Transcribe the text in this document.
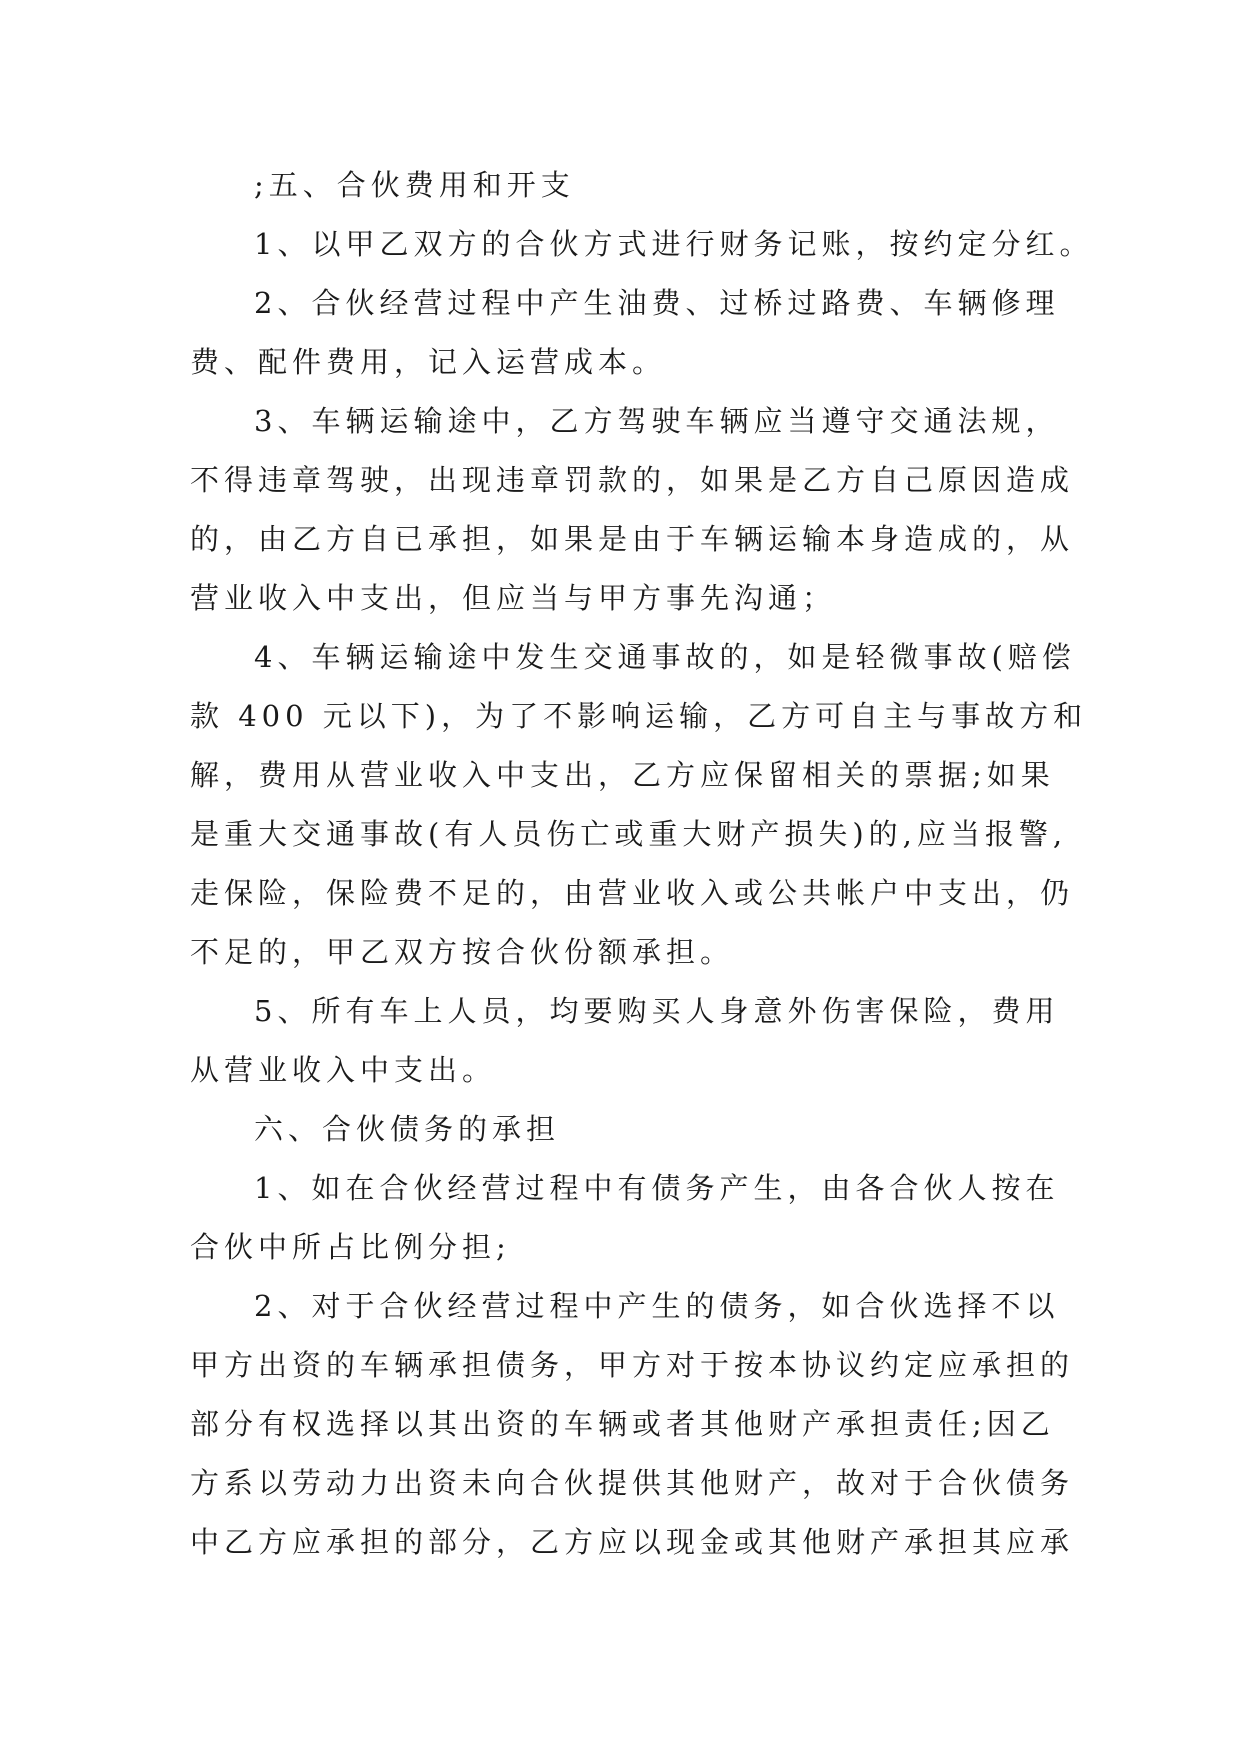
;五、合伙费用和开支
1、以甲乙双方的合伙方式进行财务记账，按约定分红。
2、合伙经营过程中产生油费、过桥过路费、车辆修理
费、配件费用，记入运营成本。
3、车辆运输途中，乙方驾驶车辆应当遵守交通法规，
不得违章驾驶，出现违章罚款的，如果是乙方自己原因造成
的，由乙方自已承担，如果是由于车辆运输本身造成的，从
营业收入中支出，但应当与甲方事先沟通；
4、车辆运输途中发生交通事故的，如是轻微事故(赔偿
款 400 元以下)，为了不影响运输，乙方可自主与事故方和
解，费用从营业收入中支出，乙方应保留相关的票据;如果
是重大交通事故(有人员伤亡或重大财产损失)的,应当报警,
走保险，保险费不足的，由营业收入或公共帐户中支出，仍
不足的，甲乙双方按合伙份额承担。
5、所有车上人员，均要购买人身意外伤害保险，费用
从营业收入中支出。
六、合伙债务的承担
1、如在合伙经营过程中有债务产生，由各合伙人按在
合伙中所占比例分担;
2、对于合伙经营过程中产生的债务，如合伙选择不以
甲方出资的车辆承担债务，甲方对于按本协议约定应承担的
部分有权选择以其出资的车辆或者其他财产承担责任;因乙
方系以劳动力出资未向合伙提供其他财产，故对于合伙债务
中乙方应承担的部分，乙方应以现金或其他财产承担其应承
